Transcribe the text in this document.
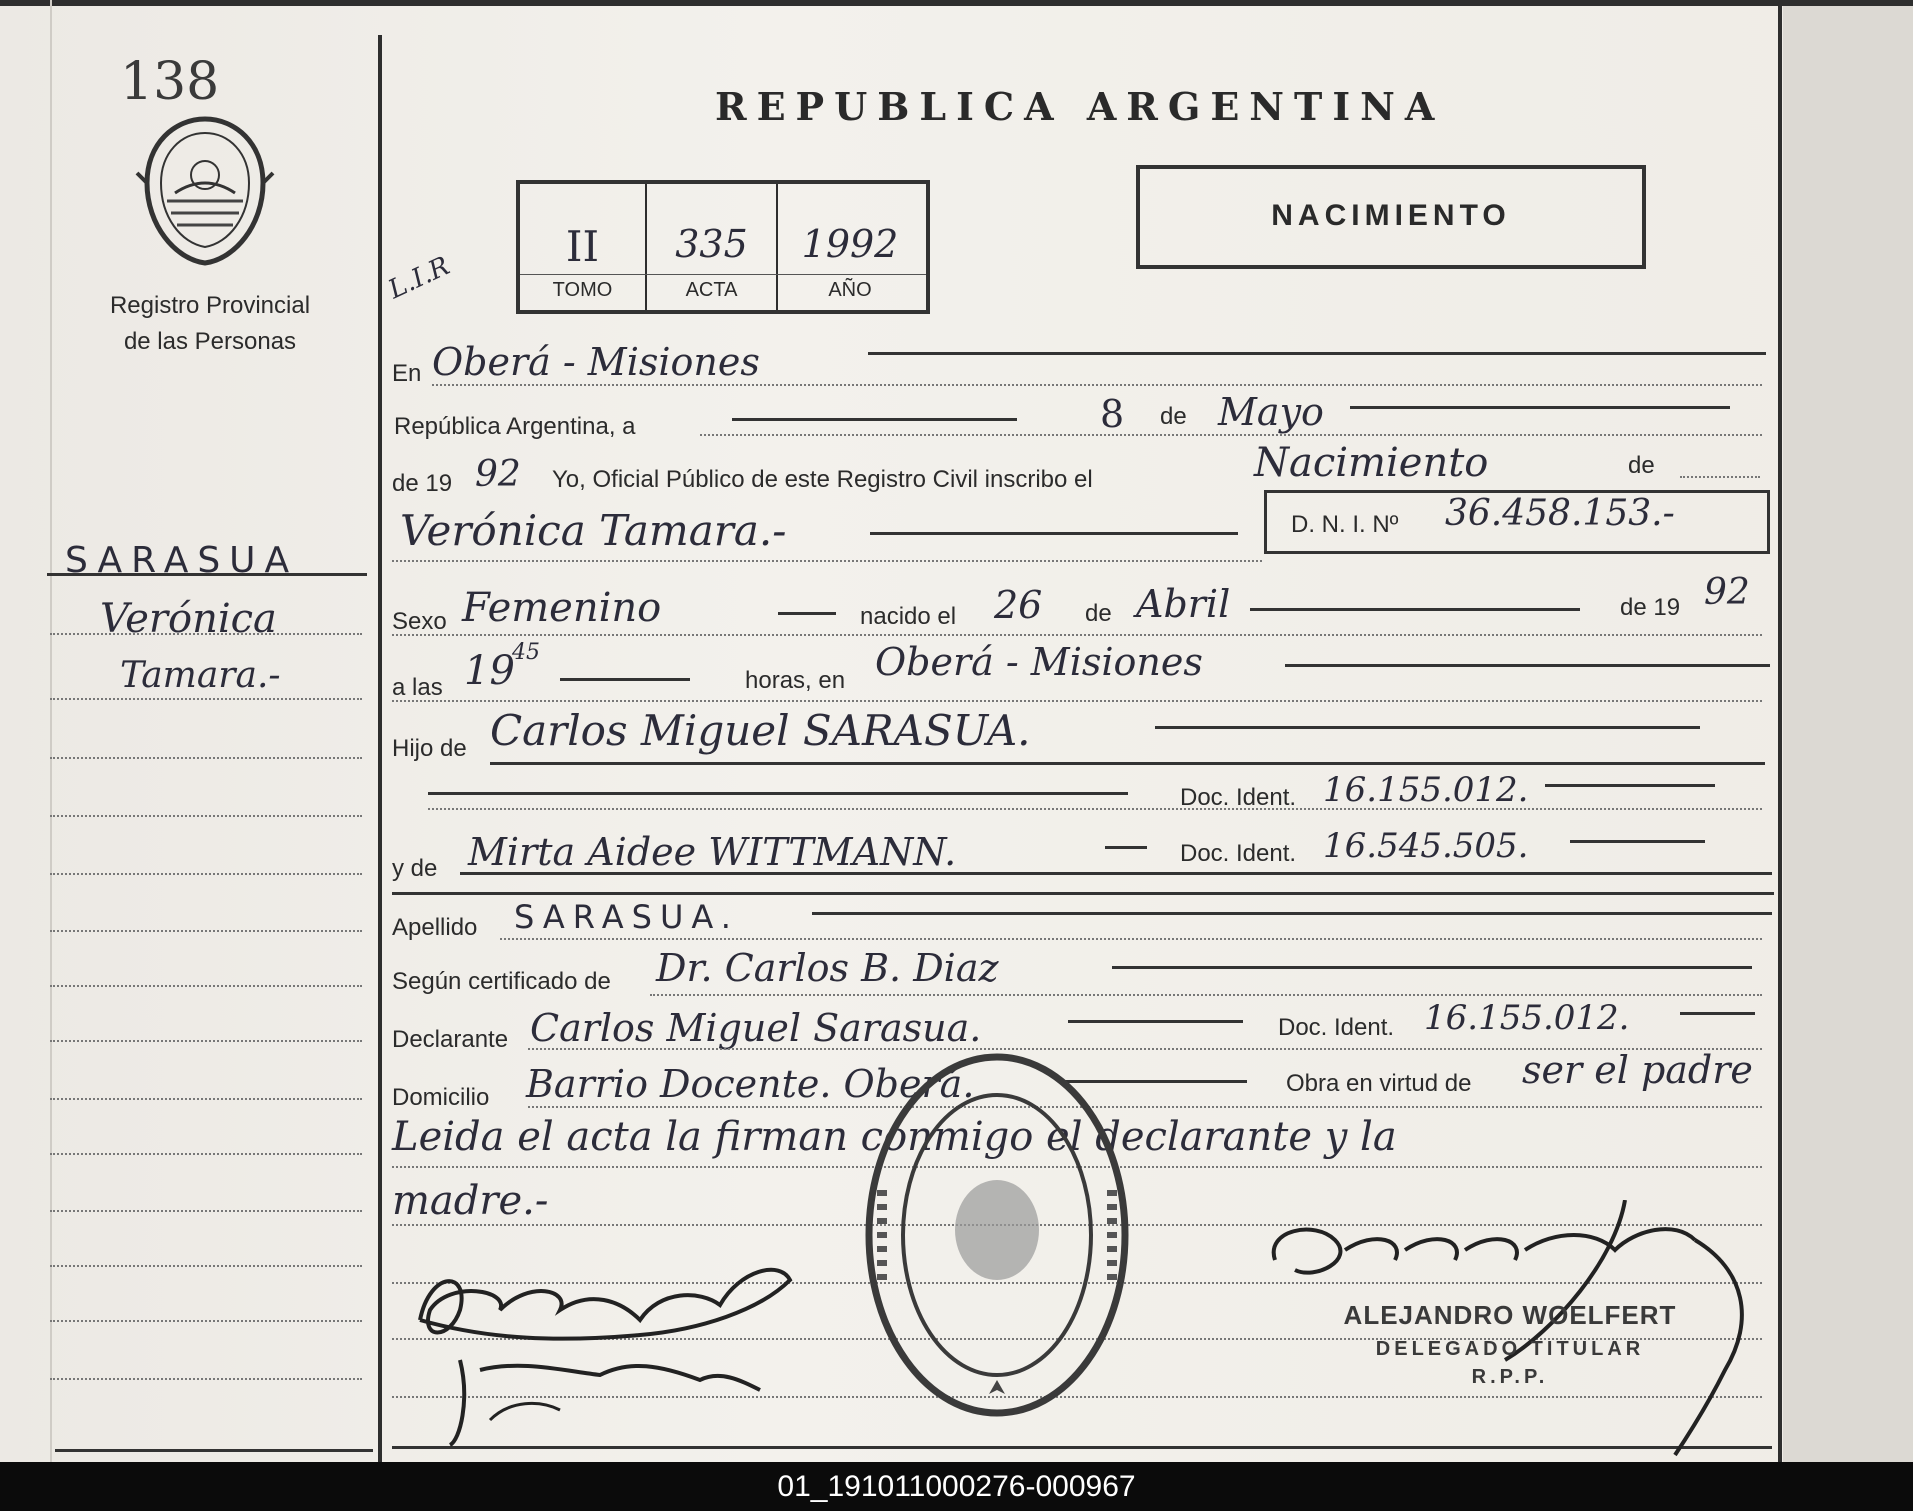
138
Registro Provincial
de las Personas
SARASUA
Verónica
Tamara.-
REPUBLICA ARGENTINA
NACIMIENTO
II	335	1992
TOMO	ACTA	AÑO
L.I.R
En Oberá - Misiones
República Argentina, a	8 de Mayo
de 19 92 Yo, Oficial Público de este Registro Civil inscribo el	Nacimiento	de
Verónica Tamara.-	D. N. I. Nº 36.458.153.-
Sexo Femenino	nacido el 26 de Abril	de 19 92
a las 19
45
horas, en Oberá - Misiones
Hijo de Carlos Miguel SARASUA.
Doc. Ident. 16.155.012.
y de Mirta Aidee WITTMANN.	Doc. Ident. 16.545.505.
Apellido SARASUA.
Según certificado de Dr. Carlos B. Diaz
Declarante Carlos Miguel Sarasua.	Doc. Ident. 16.155.012.
Domicilio Barrio Docente. Oberá.	Obra en virtud de ser el padre
Leida el acta la firman conmigo el declarante y la
madre.-
ALEJANDRO WOELFERT
DELEGADO TITULAR
R.P.P.
01_191011000276-000967
